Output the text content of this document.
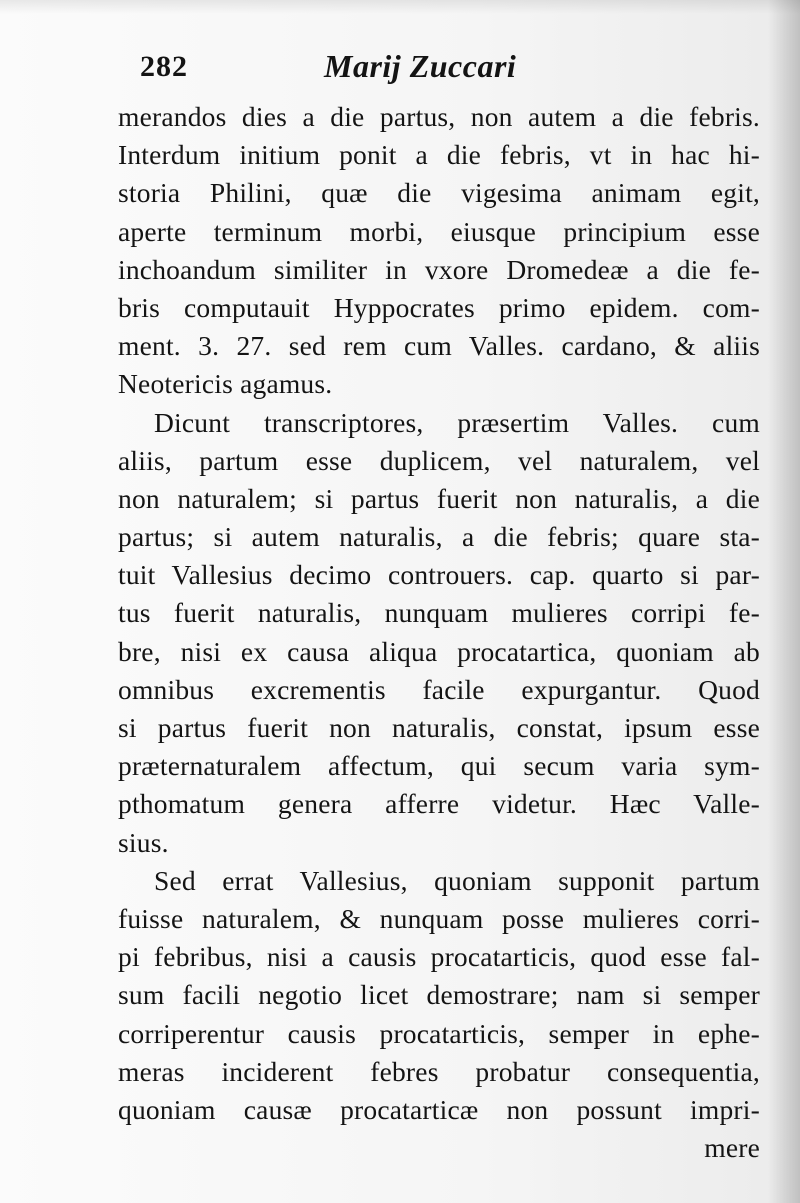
282	Marij Zuccari
merandos dies a die partus, non autem a die febris.
Interdum initium ponit a die febris, vt in hac hi-
storia Philini, quæ die vigesima animam egit,
aperte terminum morbi, eiusque principium esse
inchoandum similiter in vxore Dromedeæ a die fe-
bris computauit Hyppocrates primo epidem. com-
ment. 3. 27. sed rem cum Valles. cardano, & aliis
Neotericis agamus.
Dicunt transcriptores, præsertim Valles. cum
aliis, partum esse duplicem, vel naturalem, vel
non naturalem; si partus fuerit non naturalis, a die
partus; si autem naturalis, a die febris; quare sta-
tuit Vallesius decimo controuers. cap. quarto si par-
tus fuerit naturalis, nunquam mulieres corripi fe-
bre, nisi ex causa aliqua procatartica, quoniam ab
omnibus excrementis facile expurgantur. Quod
si partus fuerit non naturalis, constat, ipsum esse
præternaturalem affectum, qui secum varia sym-
pthomatum genera afferre videtur. Hæc Valle-
sius.
Sed errat Vallesius, quoniam supponit partum
fuisse naturalem, & nunquam posse mulieres corri-
pi febribus, nisi a causis procatarticis, quod esse fal-
sum facili negotio licet demostrare; nam si semper
corriperentur causis procatarticis, semper in ephe-
meras inciderent febres probatur consequentia,
quoniam causæ procatarticæ non possunt impri-
mere
